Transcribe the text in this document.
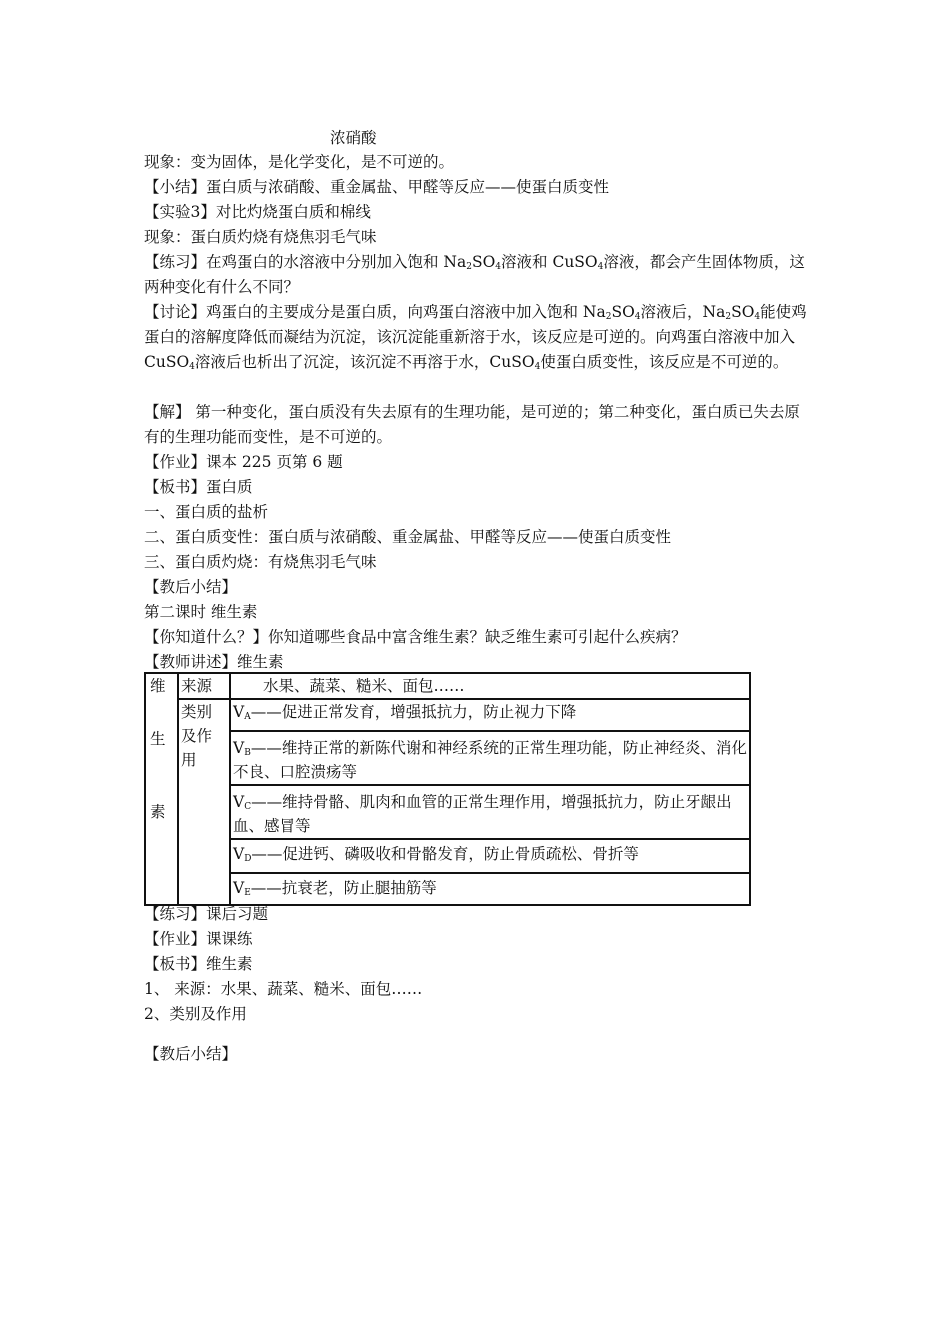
浓硝酸
现象：变为固体，是化学变化，是不可逆的。
【小结】蛋白质与浓硝酸、重金属盐、甲醛等反应——使蛋白质变性
【实验3】对比灼烧蛋白质和棉线
现象：蛋白质灼烧有烧焦羽毛气味
【练习】在鸡蛋白的水溶液中分别加入饱和 $Na_2SO_4$溶液和 CuSO$_4$溶液，都会产生固体物质，这两种变化有什么不同？
【讨论】鸡蛋白的主要成分是蛋白质，向鸡蛋白溶液中加入饱和 $Na_2SO_4$溶液后，$Na_2SO_4$能使鸡蛋白的溶解度降低而凝结为沉淀，该沉淀能重新溶于水，该反应是可逆的。向鸡蛋白溶液中加入 CuSO$_4$溶液后也析出了沉淀，该沉淀不再溶于水，CuSO$_4$使蛋白质变性，该反应是不可逆的。
【解】 第一种变化，蛋白质没有失去原有的生理功能，是可逆的；第二种变化，蛋白质已失去原有的生理功能而变性，是不可逆的。
【作业】课本 225 页第 6 题
【板书】蛋白质
一、蛋白质的盐析
二、蛋白质变性：蛋白质与浓硝酸、重金属盐、甲醛等反应——使蛋白质变性
三、蛋白质灼烧：有烧焦羽毛气味
【教后小结】
第二课时 维生素
【你知道什么？】你知道哪些食品中富含维生素？缺乏维生素可引起什么疾病？
【教师讲述】维生素
维
生
素	来源	水果、蔬菜、糙米、面包……

	类别
及作
用	$V_A——$促进正常发育，增强抵抗力，防止视力下降
		$V_B——$维持正常的新陈代谢和神经系统的正常生理功能，防止神经炎、消化不良、口腔溃疡等
		$V_C——$维持骨骼、肌肉和血管的正常生理作用，增强抵抗力，防止牙龈出血、感冒等
		$V_D——$促进钙、磷吸收和骨骼发育，防止骨质疏松、骨折等
		$V_E——$抗衰老，防止腿抽筋等
【练习】课后习题
【作业】课课练
【板书】维生素
1、 来源：水果、蔬菜、糙米、面包……
2、类别及作用
【教后小结】
